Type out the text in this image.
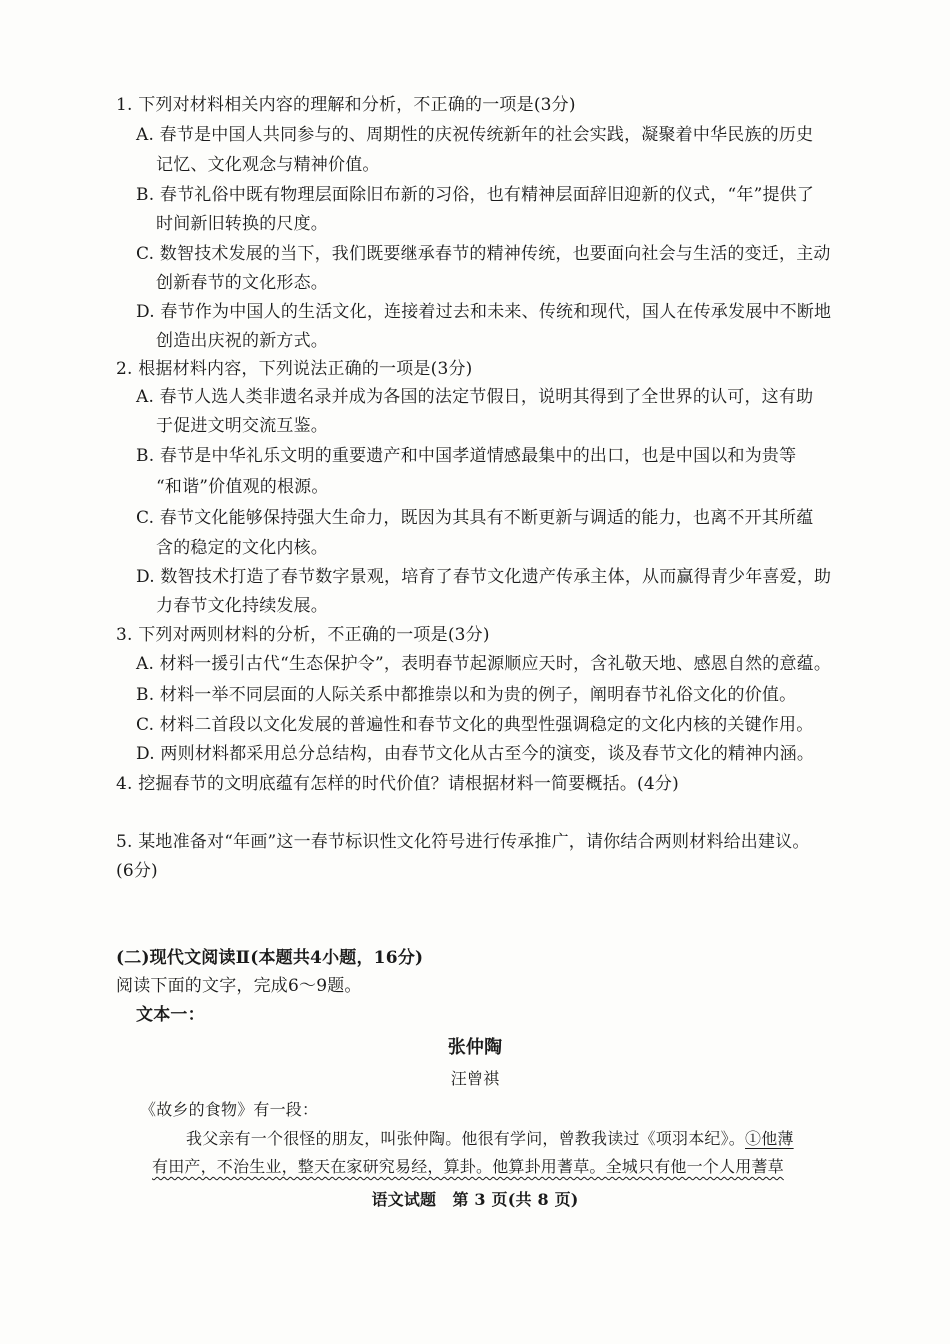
1. 下列对材料相关内容的理解和分析，不正确的一项是(3分)
A. 春节是中国人共同参与的、周期性的庆祝传统新年的社会实践，凝聚着中华民族的历史
记忆、文化观念与精神价值。
B. 春节礼俗中既有物理层面除旧布新的习俗，也有精神层面辞旧迎新的仪式，“年”提供了
时间新旧转换的尺度。
C. 数智技术发展的当下，我们既要继承春节的精神传统，也要面向社会与生活的变迁，主动
创新春节的文化形态。
D. 春节作为中国人的生活文化，连接着过去和未来、传统和现代，国人在传承发展中不断地
创造出庆祝的新方式。
2. 根据材料内容，下列说法正确的一项是(3分)
A. 春节人选人类非遗名录并成为各国的法定节假日，说明其得到了全世界的认可，这有助
于促进文明交流互鉴。
B. 春节是中华礼乐文明的重要遗产和中国孝道情感最集中的出口，也是中国以和为贵等
“和谐”价值观的根源。
C. 春节文化能够保持强大生命力，既因为其具有不断更新与调适的能力，也离不开其所蕴
含的稳定的文化内核。
D. 数智技术打造了春节数字景观，培育了春节文化遗产传承主体，从而赢得青少年喜爱，助
力春节文化持续发展。
3. 下列对两则材料的分析，不正确的一项是(3分)
A. 材料一援引古代“生态保护令”，表明春节起源顺应天时，含礼敬天地、感恩自然的意蕴。
B. 材料一举不同层面的人际关系中都推崇以和为贵的例子，阐明春节礼俗文化的价值。
C. 材料二首段以文化发展的普遍性和春节文化的典型性强调稳定的文化内核的关键作用。
D. 两则材料都采用总分总结构，由春节文化从古至今的演变，谈及春节文化的精神内涵。
4. 挖掘春节的文明底蕴有怎样的时代价值？请根据材料一简要概括。(4分)
5. 某地准备对“年画”这一春节标识性文化符号进行传承推广，请你结合两则材料给出建议。
(6分)
(二)现代文阅读Ⅱ(本题共4小题，16分)
阅读下面的文字，完成6～9题。
文本一：
张仲陶
汪曾祺
《故乡的食物》有一段：
我父亲有一个很怪的朋友，叫张仲陶。他很有学问，曾教我读过《项羽本纪》。①他薄
有田产，不治生业，整天在家研究易经，算卦。他算卦用蓍草。全城只有他一个人用蓍草
语文试题　第 3 页(共 8 页)
